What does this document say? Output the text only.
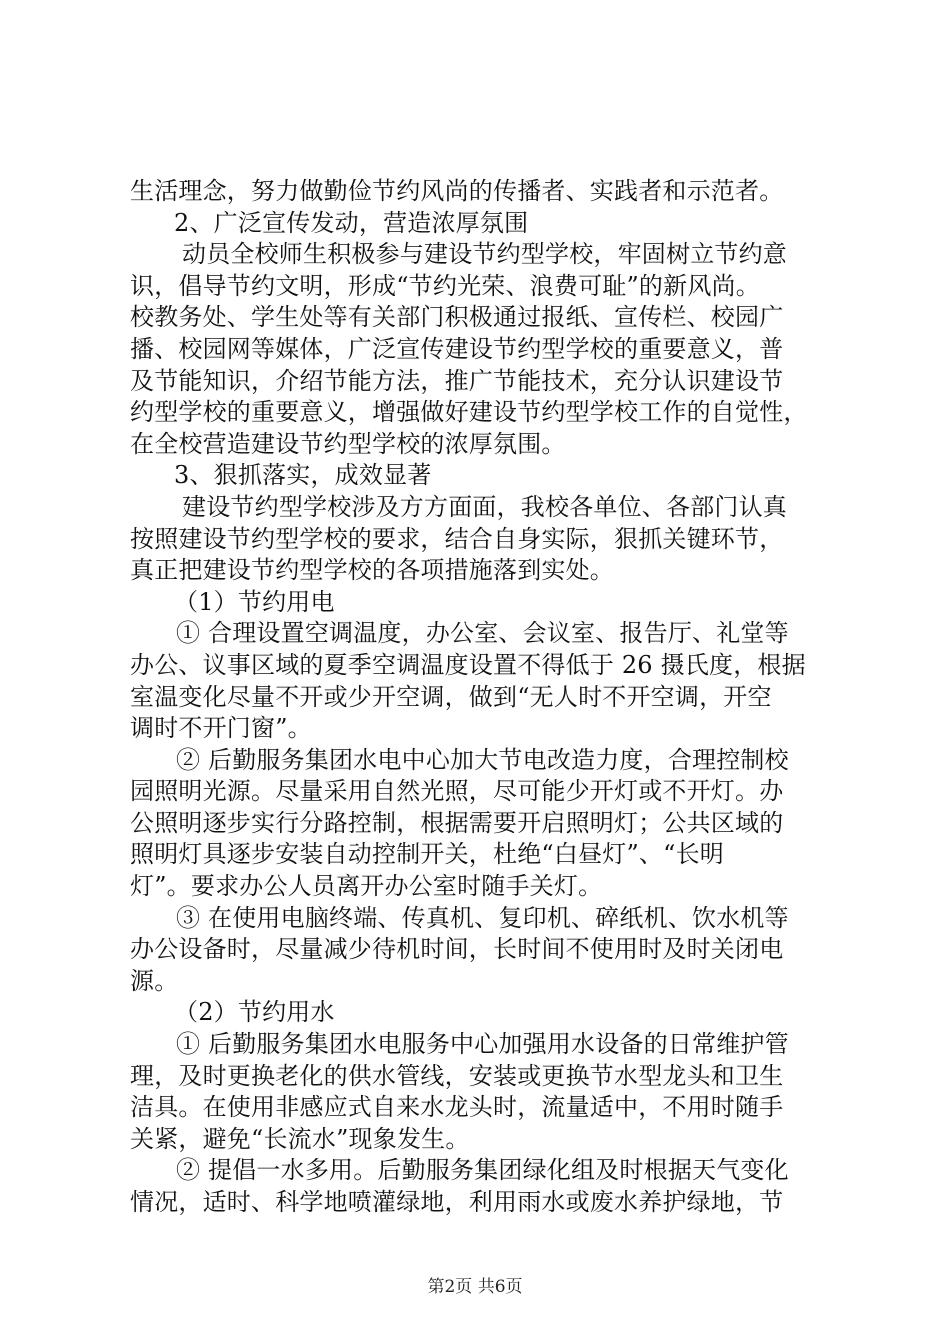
生活理念，努力做勤俭节约风尚的传播者、实践者和示范者。
2、广泛宣传发动，营造浓厚氛围
动员全校师生积极参与建设节约型学校，牢固树立节约意
识，倡导节约文明，形成“节约光荣、浪费可耻”的新风尚。
校教务处、学生处等有关部门积极通过报纸、宣传栏、校园广
播、校园网等媒体，广泛宣传建设节约型学校的重要意义，普
及节能知识，介绍节能方法，推广节能技术，充分认识建设节
约型学校的重要意义，增强做好建设节约型学校工作的自觉性，
在全校营造建设节约型学校的浓厚氛围。
3、狠抓落实，成效显著
建设节约型学校涉及方方面面，我校各单位、各部门认真
按照建设节约型学校的要求，结合自身实际，狠抓关键环节，
真正把建设节约型学校的各项措施落到实处。
（1）节约用电
① 合理设置空调温度，办公室、会议室、报告厅、礼堂等
办公、议事区域的夏季空调温度设置不得低于 26 摄氏度，根据
室温变化尽量不开或少开空调，做到“无人时不开空调，开空
调时不开门窗”。
② 后勤服务集团水电中心加大节电改造力度，合理控制校
园照明光源。尽量采用自然光照，尽可能少开灯或不开灯。办
公照明逐步实行分路控制，根据需要开启照明灯；公共区域的
照明灯具逐步安装自动控制开关，杜绝“白昼灯”、“长明
灯”。要求办公人员离开办公室时随手关灯。
③ 在使用电脑终端、传真机、复印机、碎纸机、饮水机等
办公设备时，尽量减少待机时间，长时间不使用时及时关闭电
源。
（2）节约用水
① 后勤服务集团水电服务中心加强用水设备的日常维护管
理，及时更换老化的供水管线，安装或更换节水型龙头和卫生
洁具。在使用非感应式自来水龙头时，流量适中，不用时随手
关紧，避免“长流水”现象发生。
② 提倡一水多用。后勤服务集团绿化组及时根据天气变化
情况，适时、科学地喷灌绿地，利用雨水或废水养护绿地，节
第2页 共6页
